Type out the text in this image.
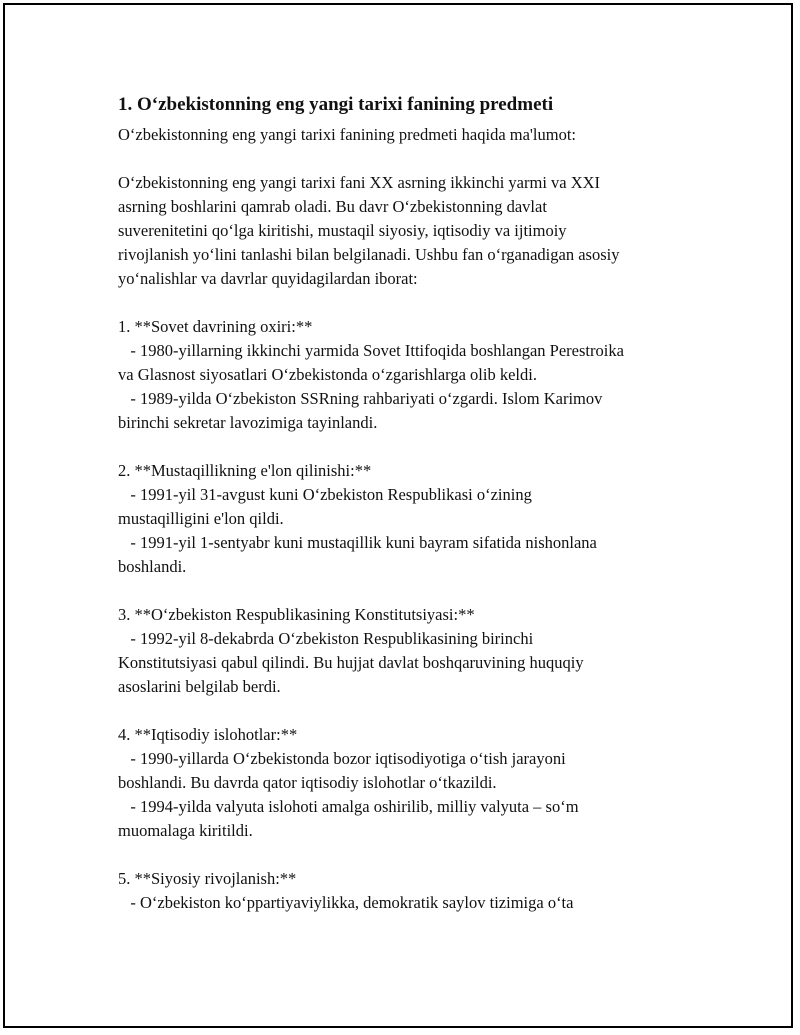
1. O‘zbekistonning eng yangi tarixi fanining predmeti
O‘zbekistonning eng yangi tarixi fanining predmeti haqida ma'lumot:
O‘zbekistonning eng yangi tarixi fani XX asrning ikkinchi yarmi va XXI
asrning boshlarini qamrab oladi. Bu davr O‘zbekistonning davlat
suverenitetini qo‘lga kiritishi, mustaqil siyosiy, iqtisodiy va ijtimoiy
rivojlanish yo‘lini tanlashi bilan belgilanadi. Ushbu fan o‘rganadigan asosiy
yo‘nalishlar va davrlar quyidagilardan iborat:
1. **Sovet davrining oxiri:**
- 1980-yillarning ikkinchi yarmida Sovet Ittifoqida boshlangan Perestroika
va Glasnost siyosatlari O‘zbekistonda o‘zgarishlarga olib keldi.
- 1989-yilda O‘zbekiston SSRning rahbariyati o‘zgardi. Islom Karimov
birinchi sekretar lavozimiga tayinlandi.
2. **Mustaqillikning e'lon qilinishi:**
- 1991-yil 31-avgust kuni O‘zbekiston Respublikasi o‘zining
mustaqilligini e'lon qildi.
- 1991-yil 1-sentyabr kuni mustaqillik kuni bayram sifatida nishonlana
boshlandi.
3. **O‘zbekiston Respublikasining Konstitutsiyasi:**
- 1992-yil 8-dekabrda O‘zbekiston Respublikasining birinchi
Konstitutsiyasi qabul qilindi. Bu hujjat davlat boshqaruvining huquqiy
asoslarini belgilab berdi.
4. **Iqtisodiy islohotlar:**
- 1990-yillarda O‘zbekistonda bozor iqtisodiyotiga o‘tish jarayoni
boshlandi. Bu davrda qator iqtisodiy islohotlar o‘tkazildi.
- 1994-yilda valyuta islohoti amalga oshirilib, milliy valyuta – so‘m
muomalaga kiritildi.
5. **Siyosiy rivojlanish:**
- O‘zbekiston ko‘ppartiyaviylikka, demokratik saylov tizimiga o‘ta
